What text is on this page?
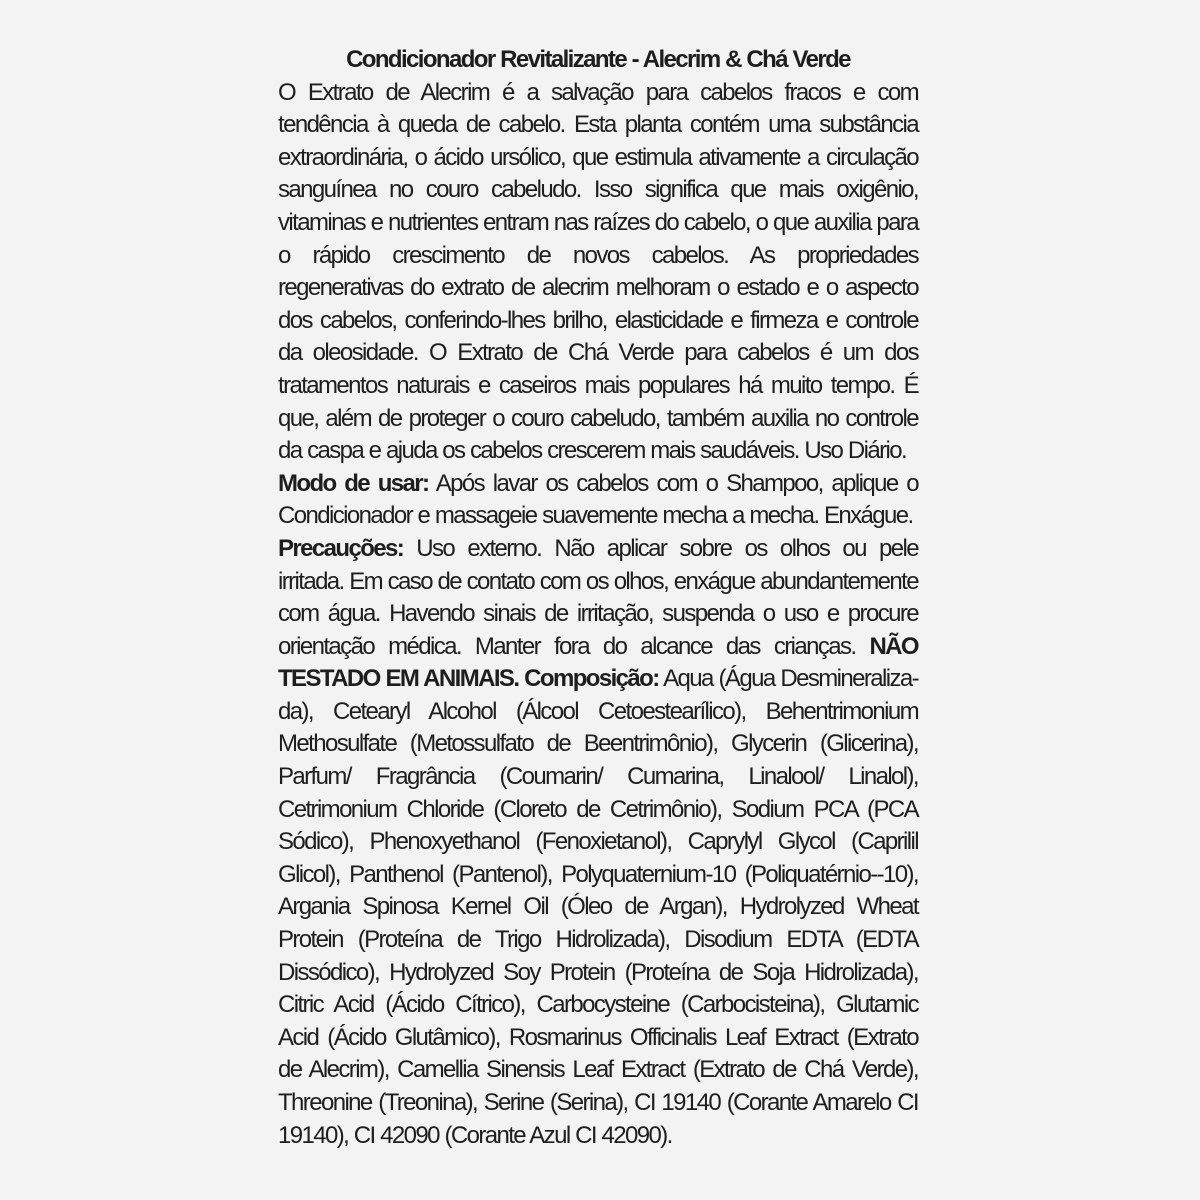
Condicionador Revitalizante - Alecrim & Chá Verde

O Extrato de Alecrim é a salvação para cabelos fracos e com tendência à queda de cabelo. Esta planta contém uma substância extraordinária, o ácido ursólico, que estimula ativamente a circulação sanguínea no couro cabeludo. Isso significa que mais oxigênio, vitaminas e nutrientes entram nas raízes do cabelo, o que auxilia para o rápido crescimento de novos cabelos. As propriedades regenerativas do extrato de alecrim melhoram o estado e o aspecto dos cabelos, conferindo-lhes brilho, elasticidade e firmeza e controle da oleosidade. O Extrato de Chá Verde para cabelos é um dos tratamentos naturais e caseiros mais populares há muito tempo. É que, além de proteger o couro cabeludo, também auxilia no controle da caspa e ajuda os cabelos crescerem mais saudáveis. Uso Diário.

Modo de usar: Após lavar os cabelos com o Shampoo, aplique o Condicionador e massageie suavemente mecha a mecha. Enxágue.

Precauções: Uso externo. Não aplicar sobre os olhos ou pele irritada. Em caso de contato com os olhos, enxágue abundantemente com água. Havendo sinais de irritação, suspenda o uso e procure orientação médica. Manter fora do alcance das crianças. NÃO TESTADO EM ANIMAIS. Composição: Aqua (Água Desmineraliza-da), Cetearyl Alcohol (Álcool Cetoestearílico), Behentrimonium Methosulfate (Metossulfato de Beentrimônio), Glycerin (Glicerina), Parfum/ Fragrância (Coumarin/ Cumarina, Linalool/ Linalol), Cetrimonium Chloride (Cloreto de Cetrimônio), Sodium PCA (PCA Sódico), Phenoxyethanol (Fenoxietanol), Caprylyl Glycol (Caprilil Glicol), Panthenol (Pantenol), Polyquaternium-10 (Poliquatérnio--10), Argania Spinosa Kernel Oil (Óleo de Argan), Hydrolyzed Wheat Protein (Proteína de Trigo Hidrolizada), Disodium EDTA (EDTA Dissódico), Hydrolyzed Soy Protein (Proteína de Soja Hidrolizada), Citric Acid (Ácido Cítrico), Carbocysteine (Carbocisteina), Glutamic Acid (Ácido Glutâmico), Rosmarinus Officinalis Leaf Extract (Extrato de Alecrim), Camellia Sinensis Leaf Extract (Extrato de Chá Verde), Threonine (Treonina), Serine (Serina), CI 19140 (Corante Amarelo CI 19140), CI 42090 (Corante Azul CI 42090).
